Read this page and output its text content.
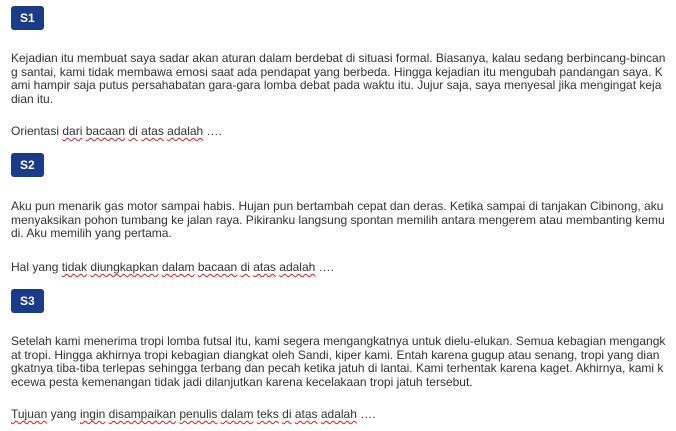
S1

Kejadian itu membuat saya sadar akan aturan dalam berdebat di situasi formal. Biasanya, kalau sedang berbincang-bincang santai, kami tidak membawa emosi saat ada pendapat yang berbeda. Hingga kejadian itu mengubah pandangan saya. Kami hampir saja putus persahabatan gara-gara lomba debat pada waktu itu. Jujur saja, saya menyesal jika mengingat kejadian itu.

Orientasi dari bacaan di atas adalah ….

S2

Aku pun menarik gas motor sampai habis. Hujan pun bertambah cepat dan deras. Ketika sampai di tanjakan Cibinong, aku menyaksikan pohon tumbang ke jalan raya. Pikiranku langsung spontan memilih antara mengerem atau membanting kemudi. Aku memilih yang pertama.

Hal yang tidak diungkapkan dalam bacaan di atas adalah ….

S3

Setelah kami menerima tropi lomba futsal itu, kami segera mengangkatnya untuk dielu-elukan. Semua kebagian mengangkat tropi. Hingga akhirnya tropi kebagian diangkat oleh Sandi, kiper kami. Entah karena gugup atau senang, tropi yang diangkatnya tiba-tiba terlepas sehingga terbang dan pecah ketika jatuh di lantai. Kami terhentak karena kaget. Akhirnya, kami kecewa pesta kemenangan tidak jadi dilanjutkan karena kecelakaan tropi jatuh tersebut.

Tujuan yang ingin disampaikan penulis dalam teks di atas adalah ….
